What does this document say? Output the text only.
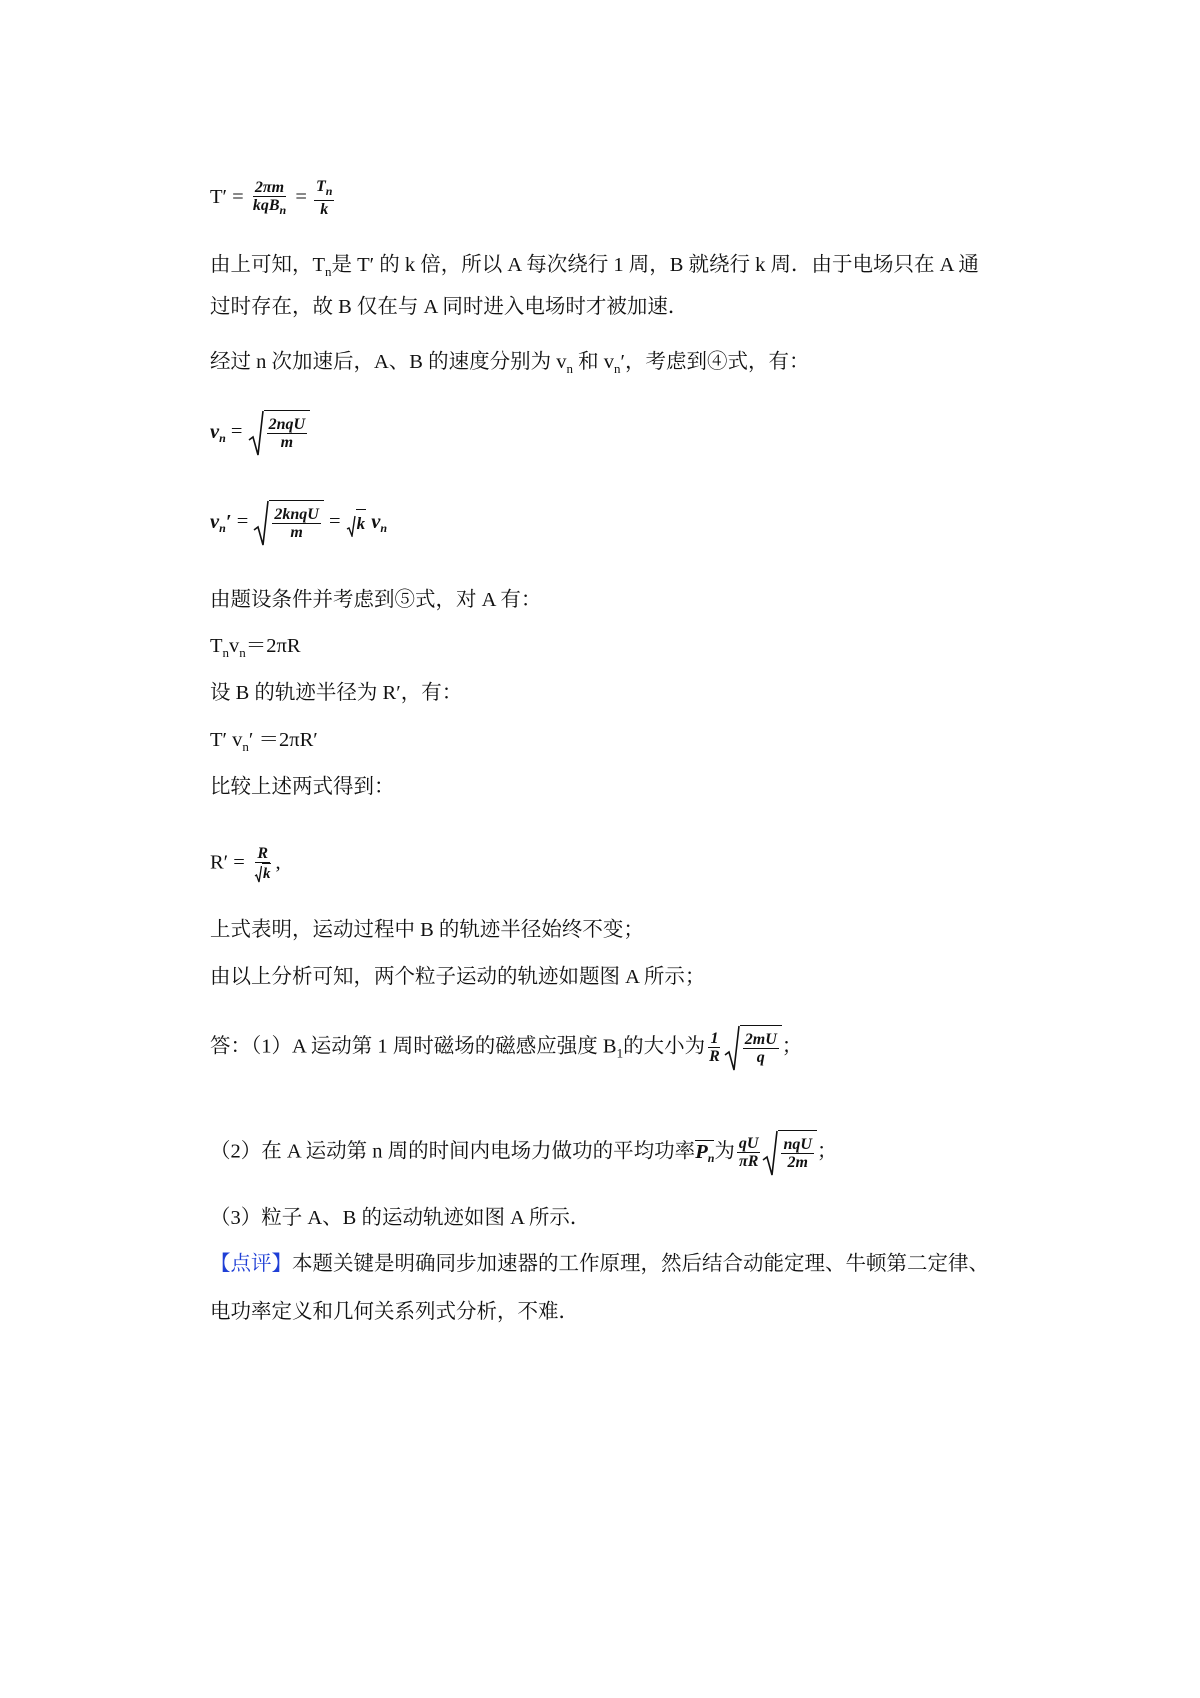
$T' = \frac{2\pi m}{kqB_n} = \frac{T_n}{k}$
由上可知，$T_n$是 T′ 的 k 倍，所以 A 每次绕行 1 周，B 就绕行 k 周．由于电场只在 A 通
过时存在，故 B 仅在与 A 同时进入电场时才被加速．
经过 n 次加速后，A、B 的速度分别为 $v_n$ 和 $v_n'$，考虑到④式，有：
vn = $\frac{\text{2nqU}}{m}$
$vn' = \frac{\text{2knqU}}{m} = k$ vn
由题设条件并考虑到⑤式，对 A 有：
$T_nv_n=2\pi R$
设 B 的轨迹半径为 R′，有：
T′ $v_n' =2\pi R'$
比较上述两式得到：
$R' = \frac{R}{k}$ ,
上式表明，运动过程中 B 的轨迹半径始终不变；
由以上分析可知，两个粒子运动的轨迹如题图 A 所示；
答：（1）A 运动第 1 周时磁场的磁感应强度 $B_1$的大小为 $\frac{1}{R} \frac{2mU}{q}$ ；
（2）在 A 运动第 n 周的时间内电场力做功的平均功率Pn为 $\frac{qU}{\pi R} \frac{\text{nqU}}{2m}$ ；
（3）粒子 A、B 的运动轨迹如图 A 所示．
【点评】本题关键是明确同步加速器的工作原理，然后结合动能定理、牛顿第二定律、
电功率定义和几何关系列式分析，不难．
